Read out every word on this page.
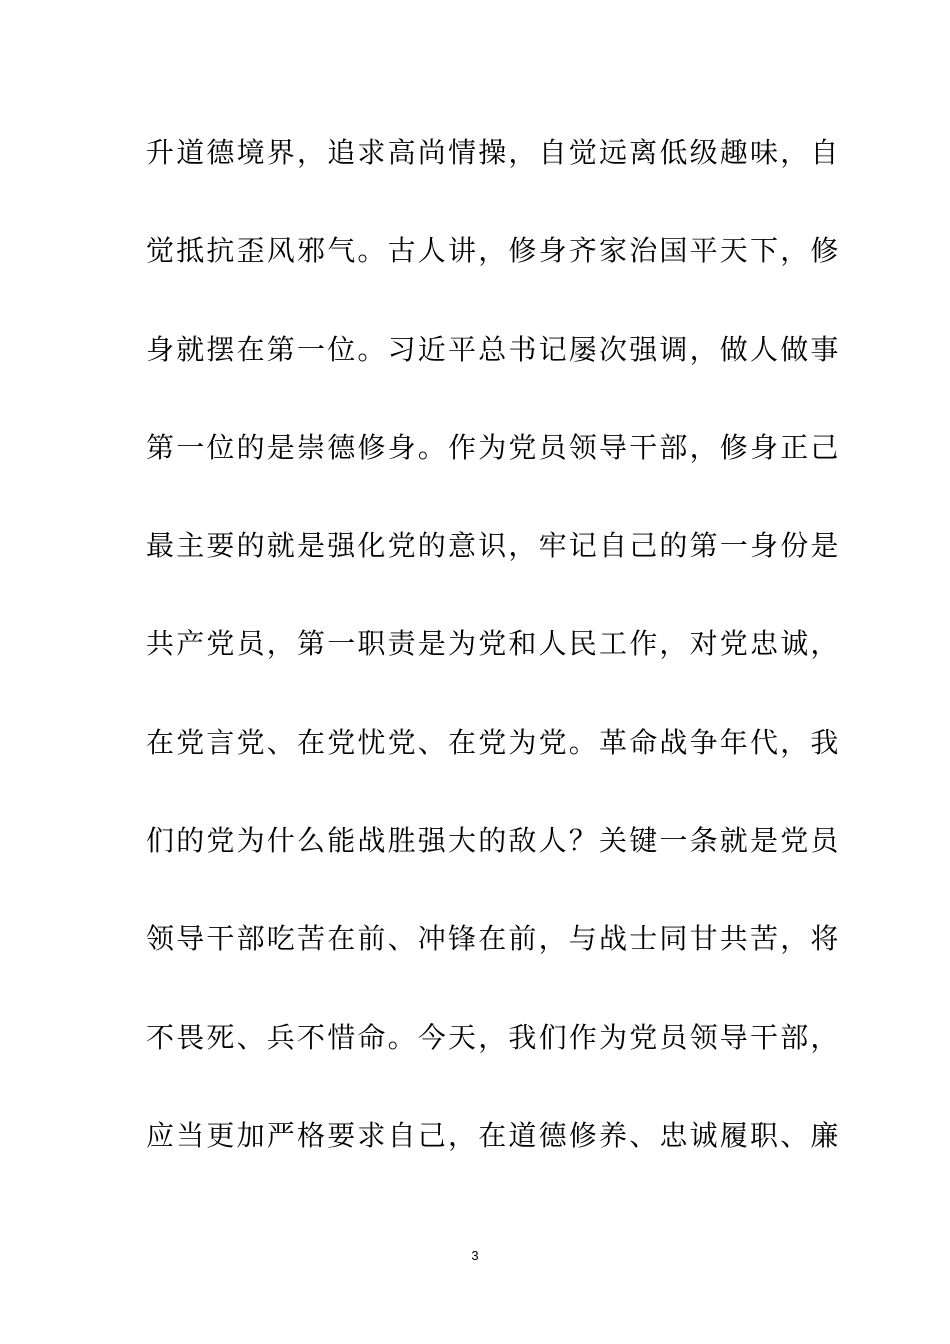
升道德境界，追求高尚情操，自觉远离低级趣味，自
觉抵抗歪风邪气。古人讲，修身齐家治国平天下，修
身就摆在第一位。习近平总书记屡次强调，做人做事
第一位的是崇德修身。作为党员领导干部，修身正己
最主要的就是强化党的意识，牢记自己的第一身份是
共产党员，第一职责是为党和人民工作，对党忠诚，
在党言党、在党忧党、在党为党。革命战争年代，我
们的党为什么能战胜强大的敌人？关键一条就是党员
领导干部吃苦在前、冲锋在前，与战士同甘共苦，将
不畏死、兵不惜命。今天，我们作为党员领导干部，
应当更加严格要求自己，在道德修养、忠诚履职、廉
3
